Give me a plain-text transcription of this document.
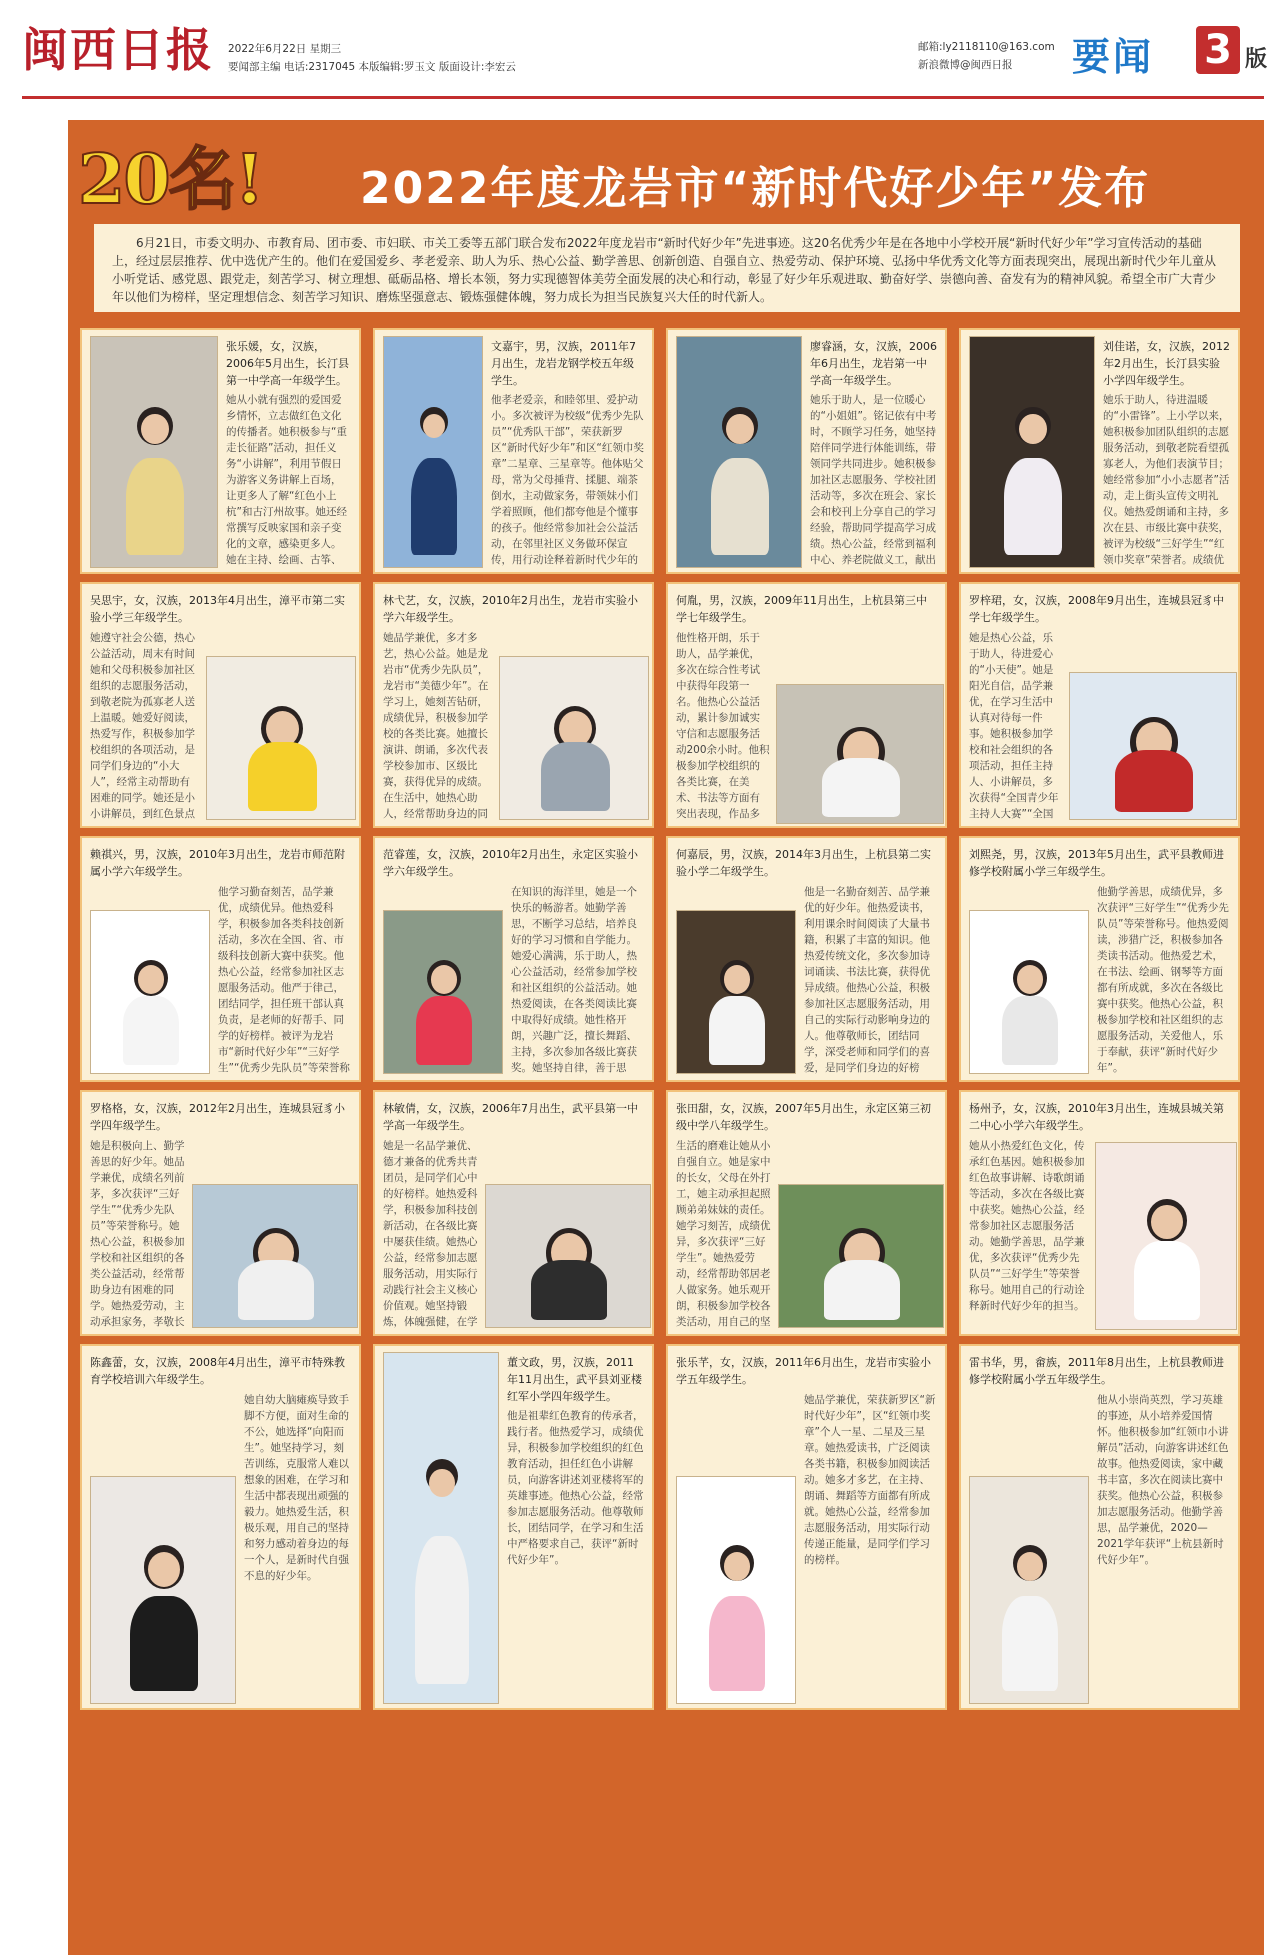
闽西日报 2022年6月22日 星期三
要闻部主编 电话:2317045 本版编辑:罗玉文 版面设计:李宏云
邮箱:ly2118110@163.com
新浪微博@闽西日报	要闻 3 版
20名! 2022年度龙岩市“新时代好少年”发布
6月21日，市委文明办、市教育局、团市委、市妇联、市关工委等五部门联合发布2022年度龙岩市“新时代好少年”先进事迹。这20名优秀少年是在各地中小学校开展“新时代好少年”学习宣传活动的基础上，经过层层推荐、优中选优产生的。他们在爱国爱乡、孝老爱亲、助人为乐、热心公益、勤学善思、创新创造、自强自立、热爱劳动、保护环境、弘扬中华优秀文化等方面表现突出，展现出新时代少年儿童从小听党话、感党恩、跟党走，刻苦学习、树立理想、砥砺品格、增长本领，努力实现德智体美劳全面发展的决心和行动，彰显了好少年乐观进取、勤奋好学、崇德向善、奋发有为的精神风貌。希望全市广大青少年以他们为榜样，坚定理想信念、刻苦学习知识、磨炼坚强意志、锻炼强健体魄，努力成长为担当民族复兴大任的时代新人。
张乐媛，女，汉族，2006年5月出生，长汀县第一中学高一年级学生。
她从小就有强烈的爱国爱乡情怀，立志做红色文化的传播者。她积极参与“重走长征路”活动，担任义务“小讲解”，利用节假日为游客义务讲解上百场，让更多人了解“红色小上杭”和古汀州故事。她还经常撰写反映家国和亲子变化的文章，感染更多人。她在主持、绘画、古筝、
文嘉宇，男，汉族，2011年7月出生，龙岩龙钢学校五年级学生。
他孝老爱亲，和睦邻里、爱护动小。多次被评为校级“优秀少先队员”“优秀队干部”，荣获新罗区“新时代好少年”和区“红领巾奖章”二星章、三星章等。他体贴父母，常为父母捶背、揉腿、端茶倒水，主动做家务，带领妹小们学着照顾，他们都夸他是个懂事的孩子。他经常参加社会公益活动，在邻里社区义务做环保宣传，用行动诠释着新时代少年的
廖睿涵，女，汉族，2006年6月出生，龙岩第一中学高一年级学生。
她乐于助人，是一位暖心的“小姐姐”。铭记依有中考时，不顾学习任务，她坚持陪伴同学进行体能训练，带领同学共同进步。她积极参加社区志愿服务、学校社团活动等，多次在班会、家长会和校刊上分享自己的学习经验，帮助同学提高学习成绩。热心公益，经常到福利中心、养老院做义工，献出
刘佳诺，女，汉族，2012年2月出生，长汀县实验小学四年级学生。
她乐于助人，待进温暖的“小雷锋”。上小学以来，她积极参加团队组织的志愿服务活动，到敬老院看望孤寡老人，为他们表演节目；她经常参加“小小志愿者”活动，走上街头宣传文明礼仪。她热爱朗诵和主持，多次在县、市级比赛中获奖，被评为校级“三好学生”“红领巾奖章”荣誉者。成绩优
吴思宇，女，汉族，2013年4月出生，漳平市第二实验小学三年级学生。
她遵守社会公德，热心公益活动，周末有时间她和父母积极参加社区组织的志愿服务活动，到敬老院为孤寡老人送上温暖。她爱好阅读，热爱写作，积极参加学校组织的各项活动，是同学们身边的“小大人”，经常主动帮助有困难的同学。她还是小小讲解员，到红色景点
林弋艺，女，汉族，2010年2月出生，龙岩市实验小学六年级学生。
她品学兼优，多才多艺，热心公益。她是龙岩市“优秀少先队员”，龙岩市“美德少年”。在学习上，她刻苦钻研，成绩优异，积极参加学校的各类比赛。她擅长演讲、朗诵，多次代表学校参加市、区级比赛，获得优异的成绩。在生活中，她热心助人，经常帮助身边的同
何胤，男，汉族，2009年11月出生，上杭县第三中学七年级学生。
他性格开朗，乐于助人，品学兼优，多次在综合性考试中获得年段第一名。他热心公益活动，累计参加诚实守信和志愿服务活动200余小时。他积极参加学校组织的各类比赛，在美术、书法等方面有突出表现，作品多
罗梓珺，女，汉族，2008年9月出生，连城县冠豸中学七年级学生。
她是热心公益，乐于助人，待进爱心的“小天使”。她是阳光自信，品学兼优，在学习生活中认真对待每一件事。她积极参加学校和社会组织的各项活动，担任主持人、小讲解员，多次获得“全国青少年主持人大赛”“全国
赖祺兴，男，汉族，2010年3月出生，龙岩市师范附属小学六年级学生。
他学习勤奋刻苦，品学兼优，成绩优异。他热爱科学，积极参加各类科技创新活动，多次在全国、省、市级科技创新大赛中获奖。他热心公益，经常参加社区志愿服务活动。他严于律己，团结同学，担任班干部认真负责，是老师的好帮手、同学的好榜样。被评为龙岩市“新时代好少年”“三好学生”“优秀少先队员”等荣誉称
范睿莲，女，汉族，2010年2月出生，永定区实验小学六年级学生。
在知识的海洋里，她是一个快乐的畅游者。她勤学善思，不断学习总结，培养良好的学习习惯和自学能力。她爱心满满，乐于助人，热心公益活动，经常参加学校和社区组织的公益活动。她热爱阅读，在各类阅读比赛中取得好成绩。她性格开朗，兴趣广泛，擅长舞蹈、主持，多次参加各级比赛获奖。她坚持自律，善于思
何嘉辰，男，汉族，2014年3月出生，上杭县第二实验小学二年级学生。
他是一名勤奋刻苦、品学兼优的好少年。他热爱读书，利用课余时间阅读了大量书籍，积累了丰富的知识。他热爱传统文化，多次参加诗词诵读、书法比赛，获得优异成绩。他热心公益，积极参加社区志愿服务活动，用自己的实际行动影响身边的人。他尊敬师长，团结同学，深受老师和同学们的喜爱，是同学们身边的好榜
刘熙尧，男，汉族，2013年5月出生，武平县教师进修学校附属小学三年级学生。
他勤学善思，成绩优异，多次获评“三好学生”“优秀少先队员”等荣誉称号。他热爱阅读，涉猎广泛，积极参加各类读书活动。他热爱艺术，在书法、绘画、钢琴等方面都有所成就，多次在各级比赛中获奖。他热心公益，积极参加学校和社区组织的志愿服务活动，关爱他人，乐于奉献，获评“新时代好少年”。
罗格格，女，汉族，2012年2月出生，连城县冠豸小学四年级学生。
她是积极向上、勤学善思的好少年。她品学兼优，成绩名列前茅，多次获评“三好学生”“优秀少先队员”等荣誉称号。她热心公益，积极参加学校和社区组织的各类公益活动，经常帮助身边有困难的同学。她热爱劳动，主动承担家务，孝敬长
林敏倩，女，汉族，2006年7月出生，武平县第一中学高一年级学生。
她是一名品学兼优、德才兼备的优秀共青团员，是同学们心中的好榜样。她热爱科学，积极参加科技创新活动，在各级比赛中屡获佳绩。她热心公益，经常参加志愿服务活动，用实际行动践行社会主义核心价值观。她坚持锻炼，体魄强健，在学
张田甜，女，汉族，2007年5月出生，永定区第三初级中学八年级学生。
生活的磨难让她从小自强自立。她是家中的长女，父母在外打工，她主动承担起照顾弟弟妹妹的责任。她学习刻苦，成绩优异，多次获评“三好学生”。她热爱劳动，经常帮助邻居老人做家务。她乐观开朗，积极参加学校各类活动，用自己的坚
杨州予，女，汉族，2010年3月出生，连城县城关第二中心小学六年级学生。
她从小热爱红色文化，传承红色基因。她积极参加红色故事讲解、诗歌朗诵等活动，多次在各级比赛中获奖。她热心公益，经常参加社区志愿服务活动。她勤学善思，品学兼优，多次获评“优秀少先队员”“三好学生”等荣誉称号。她用自己的行动诠释新时代好少年的担当。
陈鑫蕾，女，汉族，2008年4月出生，漳平市特殊教育学校培训六年级学生。
她自幼大脑瘫痪导致手脚不方便，面对生命的不公，她选择“向阳而生”。她坚持学习，刻苦训练，克服常人难以想象的困难，在学习和生活中都表现出顽强的毅力。她热爱生活，积极乐观，用自己的坚持和努力感动着身边的每一个人，是新时代自强不息的好少年。
董文政，男，汉族，2011年11月出生，武平县刘亚楼红军小学四年级学生。
他是祖辈红色教育的传承者，践行者。他热爱学习，成绩优异，积极参加学校组织的红色教育活动，担任红色小讲解员，向游客讲述刘亚楼将军的英雄事迹。他热心公益，经常参加志愿服务活动。他尊敬师长，团结同学，在学习和生活中严格要求自己，获评“新时代好少年”。
张乐芊，女，汉族，2011年6月出生，龙岩市实验小学五年级学生。
她品学兼优，荣获新罗区“新时代好少年”，区“红领巾奖章”个人一星、二星及三星章。她热爱读书，广泛阅读各类书籍，积极参加阅读活动。她多才多艺，在主持、朗诵、舞蹈等方面都有所成就。她热心公益，经常参加志愿服务活动，用实际行动传递正能量，是同学们学习的榜样。
雷书华，男，畲族，2011年8月出生，上杭县教师进修学校附属小学五年级学生。
他从小崇尚英烈，学习英雄的事迹，从小培养爱国情怀。他积极参加“红领巾小讲解员”活动，向游客讲述红色故事。他热爱阅读，家中藏书丰富，多次在阅读比赛中获奖。他热心公益，积极参加志愿服务活动。他勤学善思，品学兼优，2020—2021学年获评“上杭县新时代好少年”。
